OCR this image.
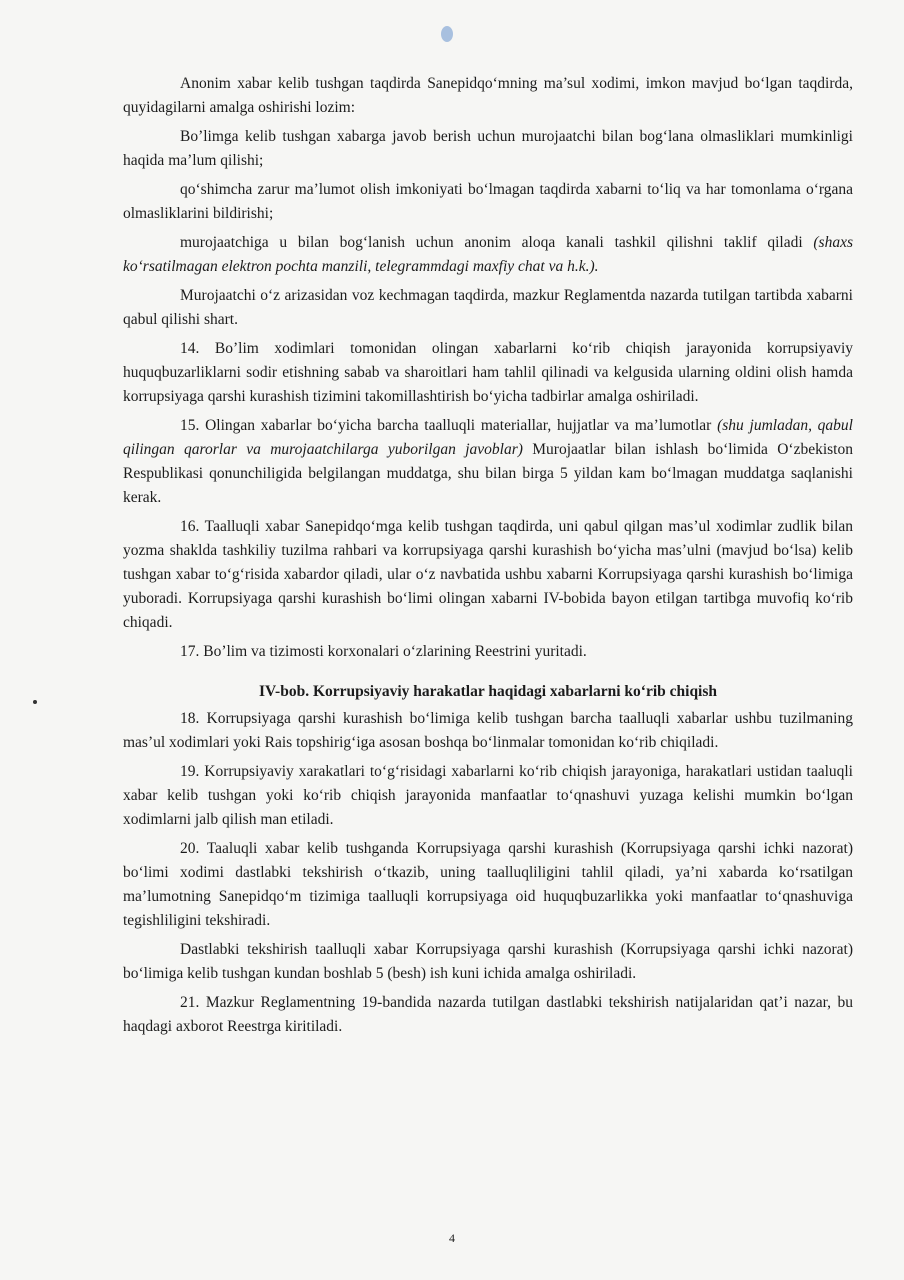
Anonim xabar kelib tushgan taqdirda Sanepidqo‘mning ma’sul xodimi, imkon mavjud bo‘lgan taqdirda, quyidagilarni amalga oshirishi lozim:

Bo’limga kelib tushgan xabarga javob berish uchun murojaatchi bilan bog‘lana olmasliklari mumkinligi haqida ma’lum qilishi;

qo‘shimcha zarur ma’lumot olish imkoniyati bo‘lmagan taqdirda xabarni to‘liq va har tomonlama o‘rgana olmasliklarini bildirishi;

murojaatchiga u bilan bog‘lanish uchun anonim aloqa kanali tashkil qilishni taklif qiladi (shaxs ko‘rsatilmagan elektron pochta manzili, telegrammdagi maxfiy chat va h.k.).

Murojaatchi o‘z arizasidan voz kechmagan taqdirda, mazkur Reglamentda nazarda tutilgan tartibda xabarni qabul qilishi shart.

14. Bo’lim xodimlari tomonidan olingan xabarlarni ko‘rib chiqish jarayonida korrupsiyaviy huquqbuzarliklarni sodir etishning sabab va sharoitlari ham tahlil qilinadi va kelgusida ularning oldini olish hamda korrupsiyaga qarshi kurashish tizimini takomillashtirish bo‘yicha tadbirlar amalga oshiriladi.

15. Olingan xabarlar bo‘yicha barcha taalluqli materiallar, hujjatlar va ma’lumotlar (shu jumladan, qabul qilingan qarorlar va murojaatchilarga yuborilgan javoblar) Murojaatlar bilan ishlash bo‘limida O‘zbekiston Respublikasi qonunchiligida belgilangan muddatga, shu bilan birga 5 yildan kam bo‘lmagan muddatga saqlanishi kerak.

16. Taalluqli xabar Sanepidqo‘mga kelib tushgan taqdirda, uni qabul qilgan mas’ul xodimlar zudlik bilan yozma shaklda tashkiliy tuzilma rahbari va korrupsiyaga qarshi kurashish bo‘yicha mas’ulni (mavjud bo‘lsa) kelib tushgan xabar to‘g‘risida xabardor qiladi, ular o‘z navbatida ushbu xabarni Korrupsiyaga qarshi kurashish bo‘limiga yuboradi. Korrupsiyaga qarshi kurashish bo‘limi olingan xabarni IV-bobida bayon etilgan tartibga muvofiq ko‘rib chiqadi.

17. Bo’lim va tizimosti korxonalari o‘zlarining Reestrini yuritadi.

IV-bob. Korrupsiyaviy harakatlar haqidagi xabarlarni ko‘rib chiqish

18. Korrupsiyaga qarshi kurashish bo‘limiga kelib tushgan barcha taalluqli xabarlar ushbu tuzilmaning mas’ul xodimlari yoki Rais topshirig‘iga asosan boshqa bo‘linmalar tomonidan ko‘rib chiqiladi.

19. Korrupsiyaviy xarakatlari to‘g‘risidagi xabarlarni ko‘rib chiqish jarayoniga, harakatlari ustidan taaluqli xabar kelib tushgan yoki ko‘rib chiqish jarayonida manfaatlar to‘qnashuvi yuzaga kelishi mumkin bo‘lgan xodimlarni jalb qilish man etiladi.

20. Taaluqli xabar kelib tushganda Korrupsiyaga qarshi kurashish (Korrupsiyaga qarshi ichki nazorat) bo‘limi xodimi dastlabki tekshirish o‘tkazib, uning taalluqliligini tahlil qiladi, ya’ni xabarda ko‘rsatilgan ma’lumotning Sanepidqo‘m tizimiga taalluqli korrupsiyaga oid huquqbuzarlikka yoki manfaatlar to‘qnashuviga tegishliligini tekshiradi.

Dastlabki tekshirish taalluqli xabar Korrupsiyaga qarshi kurashish (Korrupsiyaga qarshi ichki nazorat) bo‘limiga kelib tushgan kundan boshlab 5 (besh) ish kuni ichida amalga oshiriladi.

21. Mazkur Reglamentning 19-bandida nazarda tutilgan dastlabki tekshirish natijalaridan qat’i nazar, bu haqdagi axborot Reestrga kiritiladi.

4
